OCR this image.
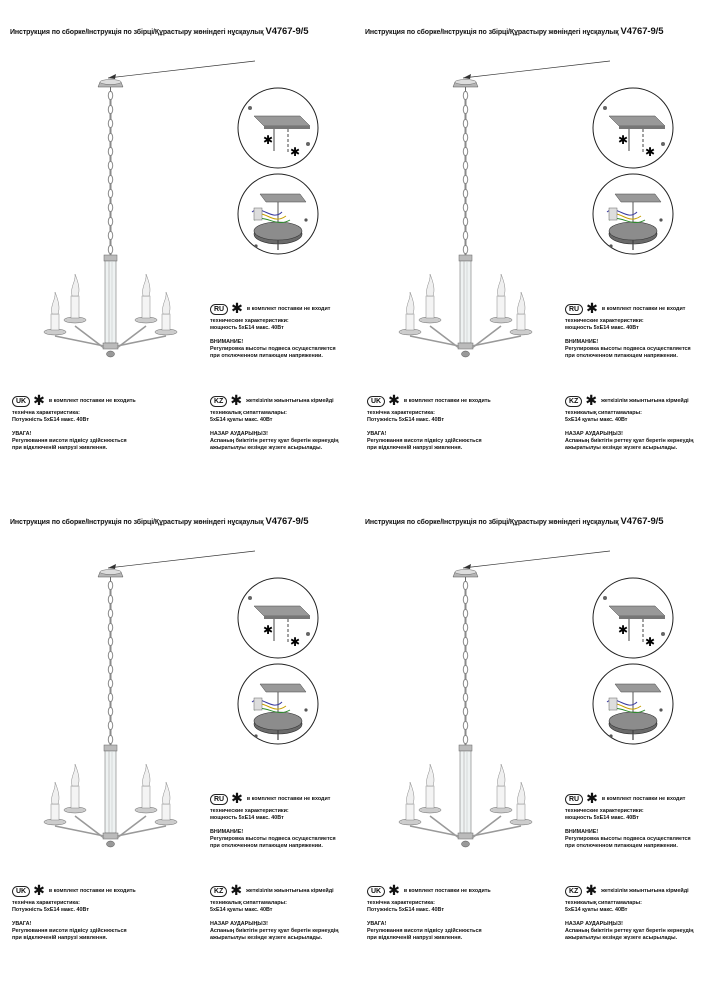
Инструкция по сборке/Інструкція по збірці/Құрастыру жөніндегі нұсқаулық V4767-9/5
✱
✱
RU ✱ в комплект поставки не входит
технические характеристики:
мощность 5xE14 макс. 40Вт
ВНИМАНИЕ!
Регулировка высоты подвеса осуществляется
при отключенном питающем напряжении.
UK ✱ в комплект поставки не входить
технічна характеристика:
Потужність 5xE14 макс. 40Вт
УВАГА!
Регулювання висоти підвісу здійснюється
при відключеній напрузі живлення.
KZ ✱ жеткізілім жиынтығына кірмейді
техникалық сипаттамалары:
5xE14 қуаты макс. 40Вт
НАЗАР АУДАРЫҢЫЗ!
Аспаның биіктігін реттеу қуат беретін кернеудің
ажыратылуы кезінде жүзеге асырылады.
Инструкция по сборке/Інструкція по збірці/Құрастыру жөніндегі нұсқаулық V4767-9/5
✱
✱
RU ✱ в комплект поставки не входит
технические характеристики:
мощность 5xE14 макс. 40Вт
ВНИМАНИЕ!
Регулировка высоты подвеса осуществляется
при отключенном питающем напряжении.
UK ✱ в комплект поставки не входить
технічна характеристика:
Потужність 5xE14 макс. 40Вт
УВАГА!
Регулювання висоти підвісу здійснюється
при відключеній напрузі живлення.
KZ ✱ жеткізілім жиынтығына кірмейді
техникалық сипаттамалары:
5xE14 қуаты макс. 40Вт
НАЗАР АУДАРЫҢЫЗ!
Аспаның биіктігін реттеу қуат беретін кернеудің
ажыратылуы кезінде жүзеге асырылады.
Инструкция по сборке/Інструкція по збірці/Құрастыру жөніндегі нұсқаулық V4767-9/5
✱
✱
RU ✱ в комплект поставки не входит
технические характеристики:
мощность 5xE14 макс. 40Вт
ВНИМАНИЕ!
Регулировка высоты подвеса осуществляется
при отключенном питающем напряжении.
UK ✱ в комплект поставки не входить
технічна характеристика:
Потужність 5xE14 макс. 40Вт
УВАГА!
Регулювання висоти підвісу здійснюється
при відключеній напрузі живлення.
KZ ✱ жеткізілім жиынтығына кірмейді
техникалық сипаттамалары:
5xE14 қуаты макс. 40Вт
НАЗАР АУДАРЫҢЫЗ!
Аспаның биіктігін реттеу қуат беретін кернеудің
ажыратылуы кезінде жүзеге асырылады.
Инструкция по сборке/Інструкція по збірці/Құрастыру жөніндегі нұсқаулық V4767-9/5
✱
✱
RU ✱ в комплект поставки не входит
технические характеристики:
мощность 5xE14 макс. 40Вт
ВНИМАНИЕ!
Регулировка высоты подвеса осуществляется
при отключенном питающем напряжении.
UK ✱ в комплект поставки не входить
технічна характеристика:
Потужність 5xE14 макс. 40Вт
УВАГА!
Регулювання висоти підвісу здійснюється
при відключеній напрузі живлення.
KZ ✱ жеткізілім жиынтығына кірмейді
техникалық сипаттамалары:
5xE14 қуаты макс. 40Вт
НАЗАР АУДАРЫҢЫЗ!
Аспаның биіктігін реттеу қуат беретін кернеудің
ажыратылуы кезінде жүзеге асырылады.
